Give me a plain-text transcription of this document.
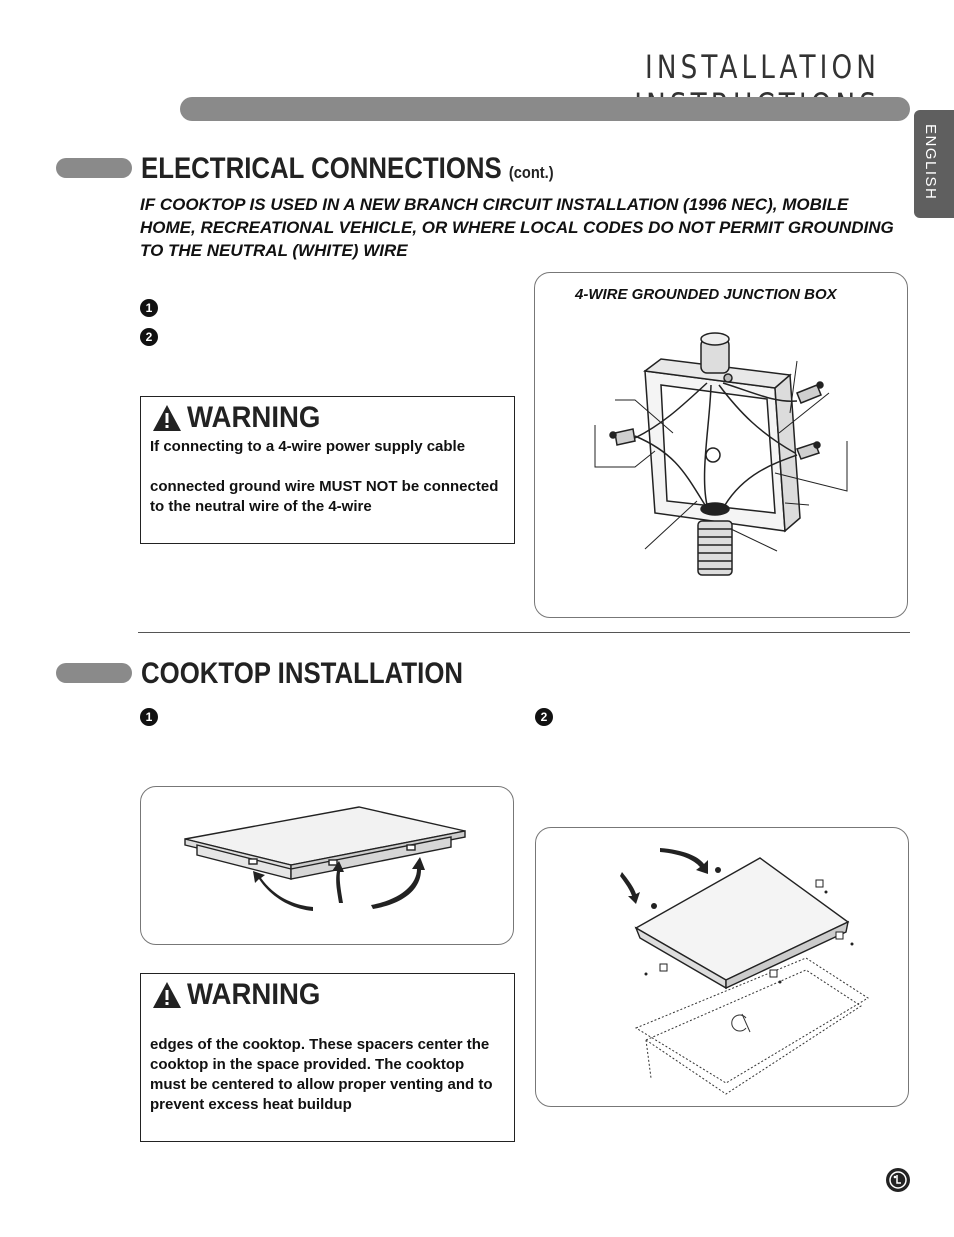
INSTALLATION
ENGLISH
ELECTRICAL CONNECTIONS (cont.)
IF COOKTOP IS USED IN A NEW BRANCH CIRCUIT INSTALLATION (1996 NEC), MOBILE HOME, RECREATIONAL VEHICLE, OR WHERE LOCAL CODES DO NOT PERMIT GROUNDING TO THE NEUTRAL (WHITE) WIRE
1
2
WARNING
If connecting to a 4-wire power supply cable
connected ground wire MUST NOT be connected to the neutral wire of the 4-wire
4-WIRE GROUNDED JUNCTION BOX
COOKTOP INSTALLATION
1	2
WARNING
edges of the cooktop. These spacers center the cooktop in the space provided. The cooktop must be centered to allow proper venting and to prevent excess heat buildup
